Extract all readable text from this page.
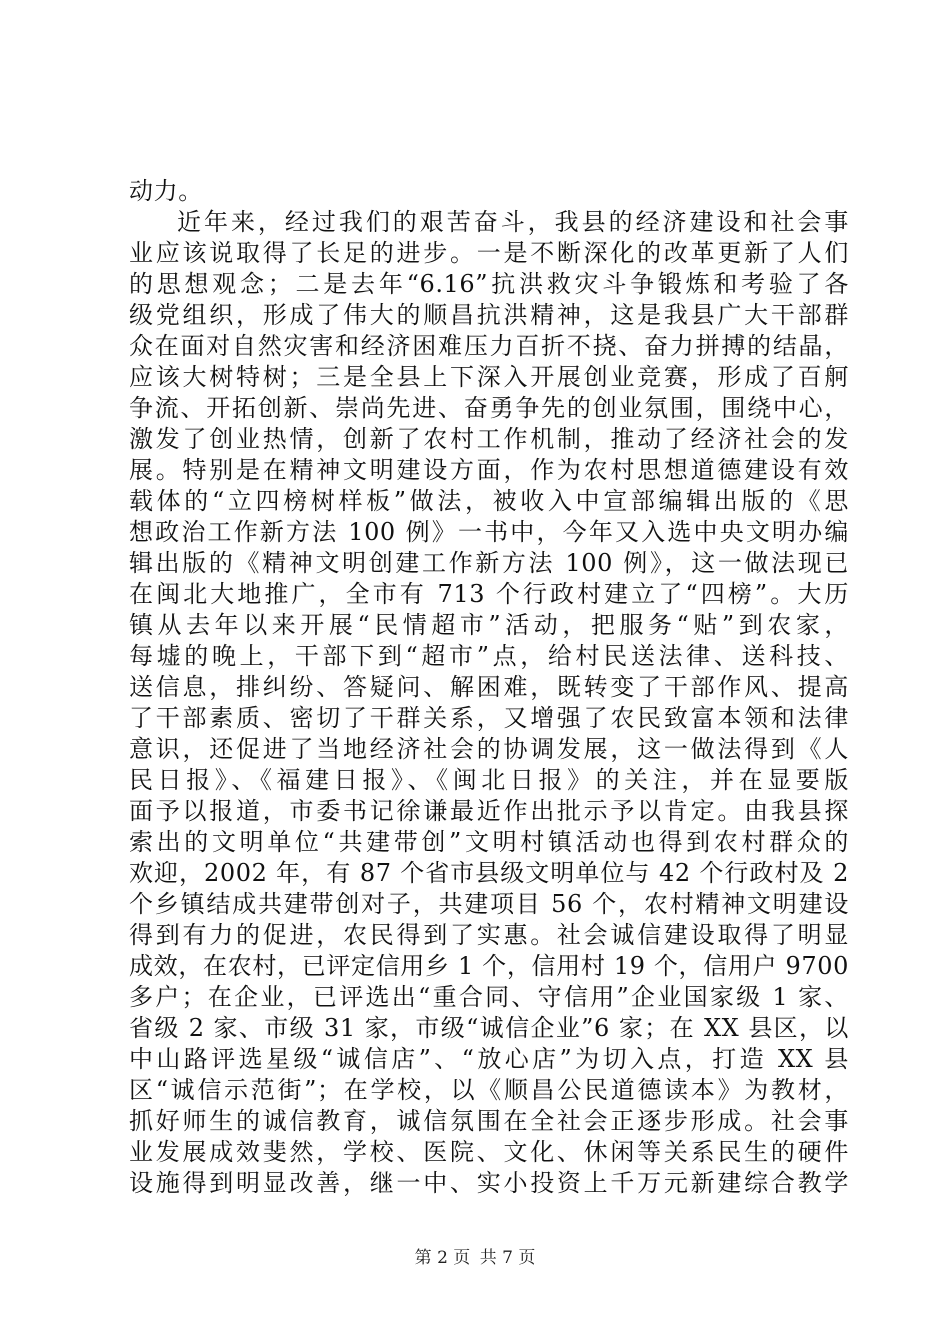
动力。
近年来，经过我们的艰苦奋斗，我县的经济建设和社会事
业应该说取得了长足的进步。一是不断深化的改革更新了人们
的思想观念；二是去年“6.16”抗洪救灾斗争锻炼和考验了各
级党组织，形成了伟大的顺昌抗洪精神，这是我县广大干部群
众在面对自然灾害和经济困难压力百折不挠、奋力拼搏的结晶，
应该大树特树；三是全县上下深入开展创业竞赛，形成了百舸
争流、开拓创新、崇尚先进、奋勇争先的创业氛围，围绕中心，
激发了创业热情，创新了农村工作机制，推动了经济社会的发
展。特别是在精神文明建设方面，作为农村思想道德建设有效
载体的“立四榜树样板”做法，被收入中宣部编辑出版的《思
想政治工作新方法 100 例》一书中，今年又入选中央文明办编
辑出版的《精神文明创建工作新方法 100 例》，这一做法现已
在闽北大地推广，全市有 713 个行政村建立了“四榜”。大历
镇从去年以来开展“民情超市”活动，把服务“贴”到农家，
每墟的晚上，干部下到“超市”点，给村民送法律、送科技、
送信息，排纠纷、答疑问、解困难，既转变了干部作风、提高
了干部素质、密切了干群关系，又增强了农民致富本领和法律
意识，还促进了当地经济社会的协调发展，这一做法得到《人
民日报》、《福建日报》、《闽北日报》的关注，并在显要版
面予以报道，市委书记徐谦最近作出批示予以肯定。由我县探
索出的文明单位“共建带创”文明村镇活动也得到农村群众的
欢迎，2002 年，有 87 个省市县级文明单位与 42 个行政村及 2
个乡镇结成共建带创对子，共建项目 56 个，农村精神文明建设
得到有力的促进，农民得到了实惠。社会诚信建设取得了明显
成效，在农村，已评定信用乡 1 个，信用村 19 个，信用户 9700
多户；在企业，已评选出“重合同、守信用”企业国家级 1 家、
省级 2 家、市级 31 家，市级“诚信企业”6 家；在 XX 县区，以
中山路评选星级“诚信店”、“放心店”为切入点，打造 XX 县
区“诚信示范街”；在学校，以《顺昌公民道德读本》为教材，
抓好师生的诚信教育，诚信氛围在全社会正逐步形成。社会事
业发展成效斐然，学校、医院、文化、休闲等关系民生的硬件
设施得到明显改善，继一中、实小投资上千万元新建综合教学
第 2 页 共 7 页
